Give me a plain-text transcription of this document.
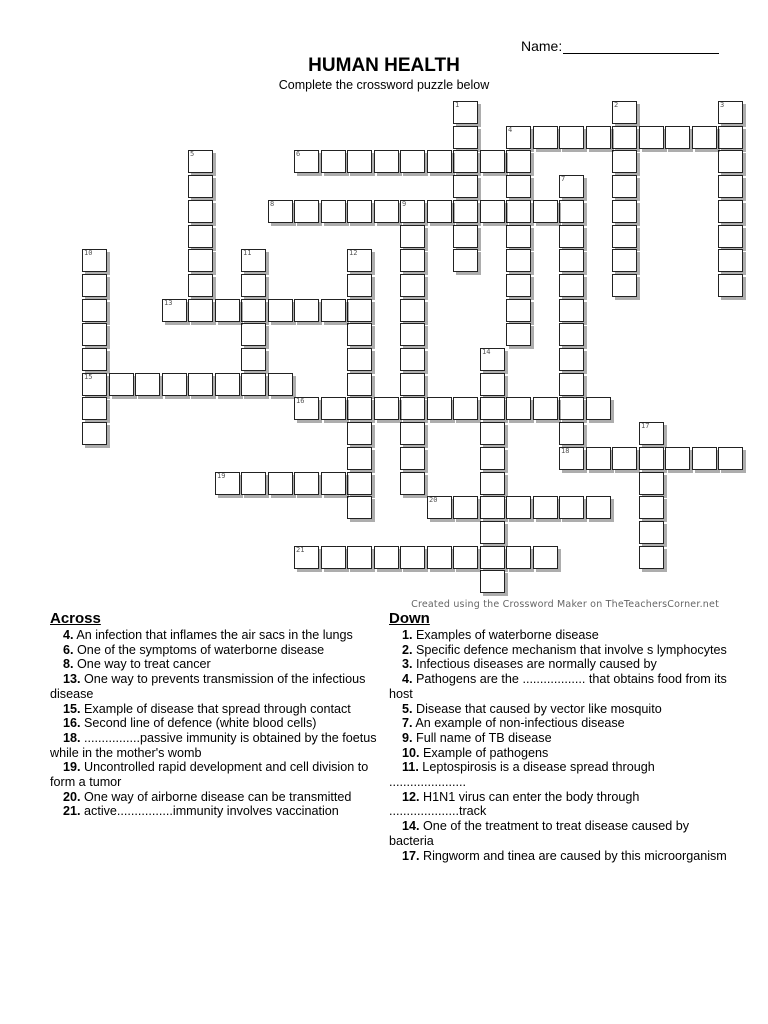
Name:
HUMAN HEALTH
Complete the crossword puzzle below
1	2	3
4
5	6
7
8	9
10	11	12
13
14
15
16
17
18
19
20
21
Created using the Crossword Maker on TheTeachersCorner.net
Across
4. An infection that inflames the air sacs in the lungs
6. One of the symptoms of waterborne disease
8. One way to treat cancer
13. One way to prevents transmission of the infectious disease
15. Example of disease that spread through contact
16. Second line of defence (white blood cells)
18. ................passive immunity is obtained by the foetus while in the mother's womb
19. Uncontrolled rapid development and cell division to form a tumor
20. One way of airborne disease can be transmitted
21. active................immunity involves vaccination
Down
1. Examples of waterborne disease
2. Specific defence mechanism that involve s lymphocytes
3. Infectious diseases are normally caused by
4. Pathogens are the .................. that obtains food from its host
5. Disease that caused by vector like mosquito
7. An example of non-infectious disease
9. Full name of TB disease
10. Example of pathogens
11. Leptospirosis is a disease spread through ......................
12. H1N1 virus can enter the body through ....................track
14. One of the treatment to treat disease caused by bacteria
17. Ringworm and tinea are caused by this microorganism
